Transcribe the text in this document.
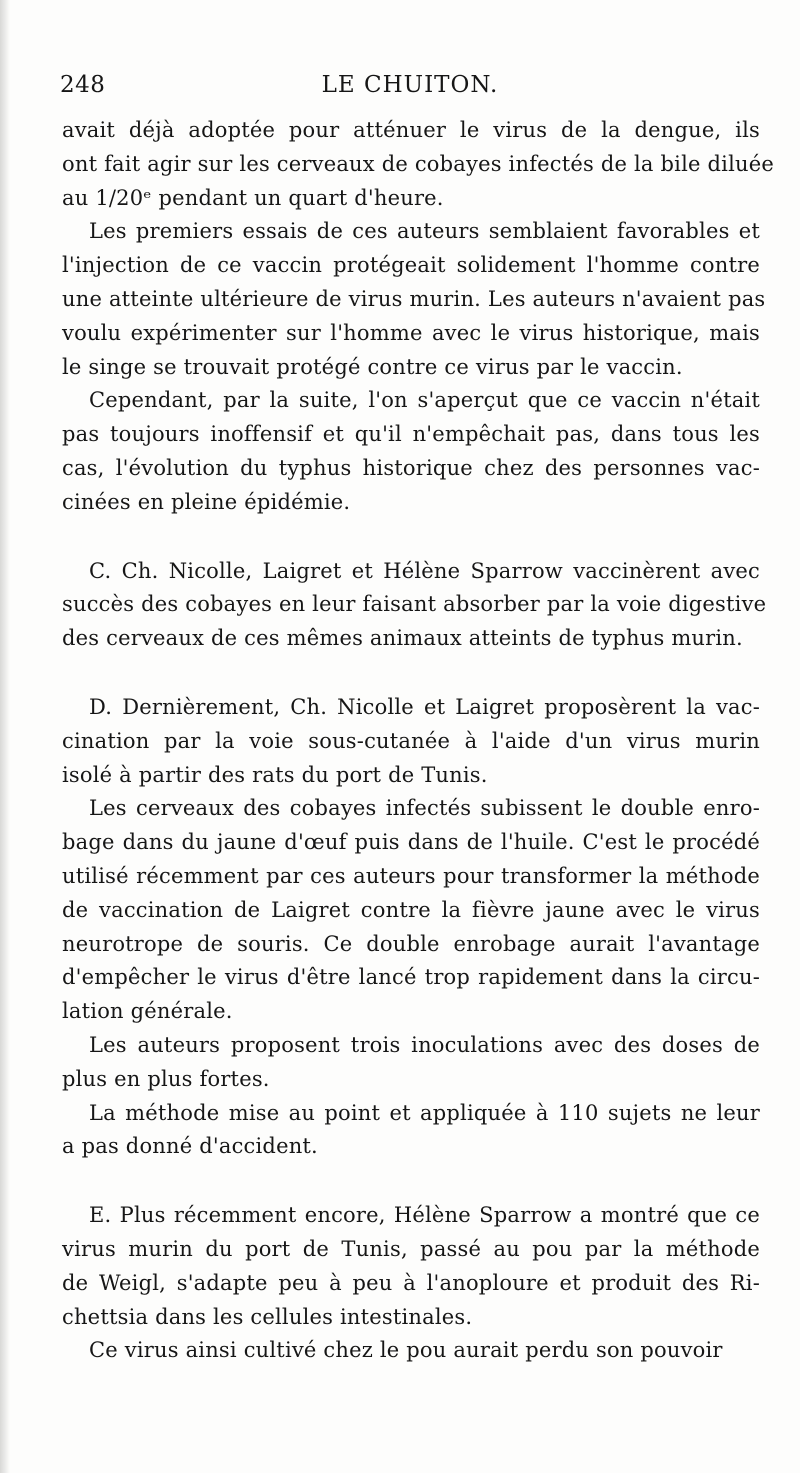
248	LE CHUITON.
avait déjà adoptée pour atténuer le virus de la dengue, ils
ont fait agir sur les cerveaux de cobayes infectés de la bile diluée
au 1/20ᵉ pendant un quart d'heure.
Les premiers essais de ces auteurs semblaient favorables et
l'injection de ce vaccin protégeait solidement l'homme contre
une atteinte ultérieure de virus murin. Les auteurs n'avaient pas
voulu expérimenter sur l'homme avec le virus historique, mais
le singe se trouvait protégé contre ce virus par le vaccin.
Cependant, par la suite, l'on s'aperçut que ce vaccin n'était
pas toujours inoffensif et qu'il n'empêchait pas, dans tous les
cas, l'évolution du typhus historique chez des personnes vac-
cinées en pleine épidémie.
C. Ch. Nicolle, Laigret et Hélène Sparrow vaccinèrent avec
succès des cobayes en leur faisant absorber par la voie digestive
des cerveaux de ces mêmes animaux atteints de typhus murin.
D. Dernièrement, Ch. Nicolle et Laigret proposèrent la vac-
cination par la voie sous-cutanée à l'aide d'un virus murin
isolé à partir des rats du port de Tunis.
Les cerveaux des cobayes infectés subissent le double enro-
bage dans du jaune d'œuf puis dans de l'huile. C'est le procédé
utilisé récemment par ces auteurs pour transformer la méthode
de vaccination de Laigret contre la fièvre jaune avec le virus
neurotrope de souris. Ce double enrobage aurait l'avantage
d'empêcher le virus d'être lancé trop rapidement dans la circu-
lation générale.
Les auteurs proposent trois inoculations avec des doses de
plus en plus fortes.
La méthode mise au point et appliquée à 110 sujets ne leur
a pas donné d'accident.
E. Plus récemment encore, Hélène Sparrow a montré que ce
virus murin du port de Tunis, passé au pou par la méthode
de Weigl, s'adapte peu à peu à l'anoploure et produit des Ri-
chettsia dans les cellules intestinales.
Ce virus ainsi cultivé chez le pou aurait perdu son pouvoir
